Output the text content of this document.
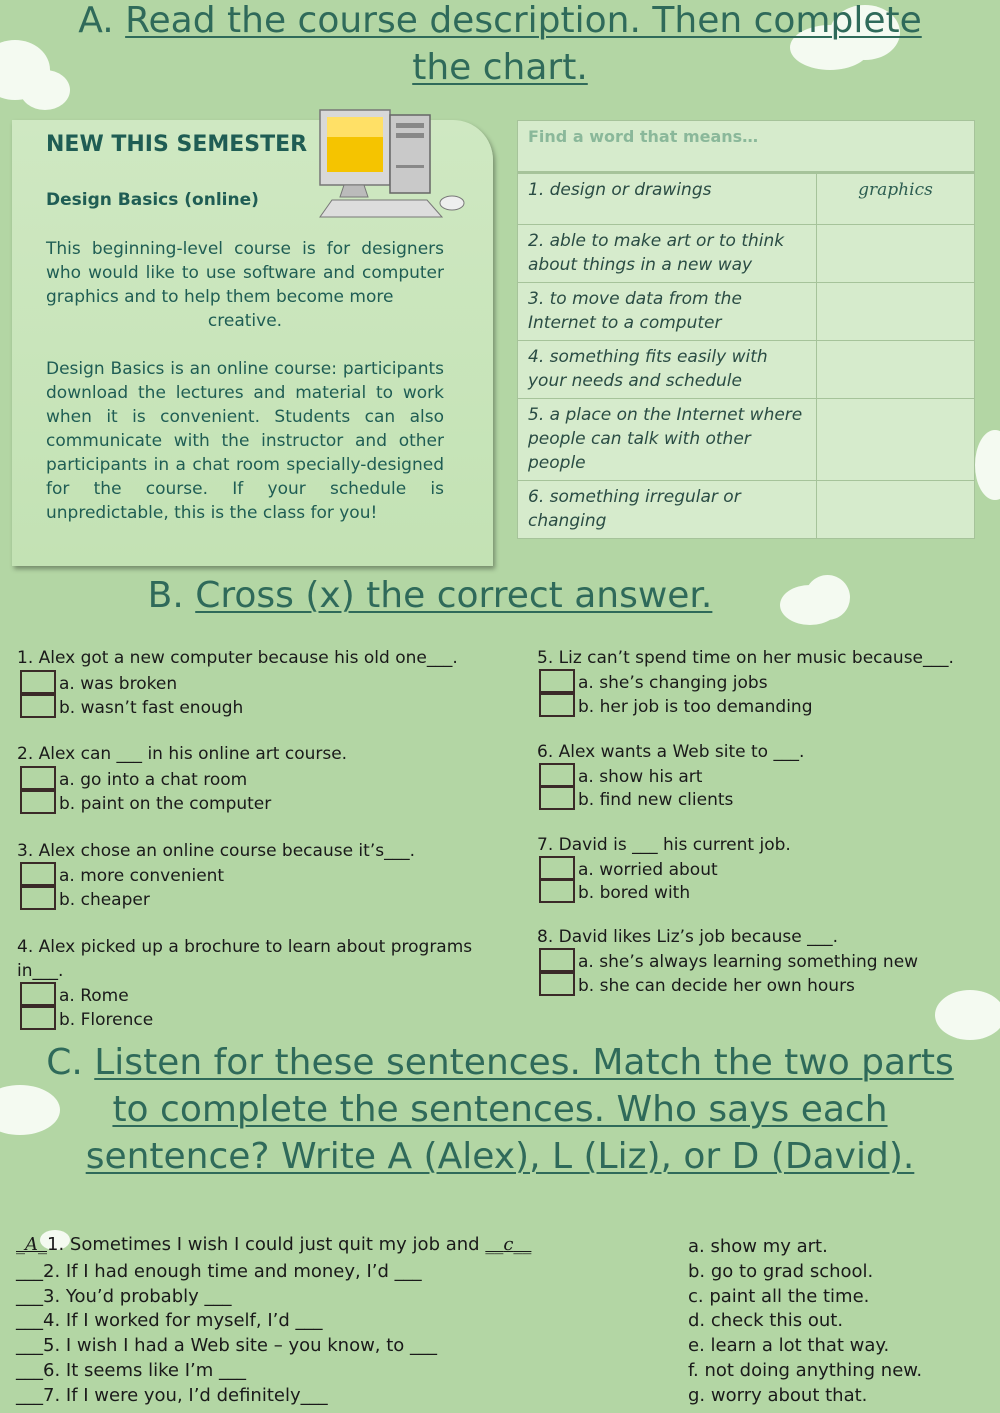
A. Read the course description. Then complete
the chart.
NEW THIS SEMESTER
Design Basics (online)
This beginning-level course is for designers who would like to use software and computer graphics and to help them become more
creative.
Design Basics is an online course: participants download the lectures and material to work when it is convenient. Students can also communicate with the instructor and other participants in a chat room specially-designed for the course. If your schedule is unpredictable, this is the class for you!
Find a word that means…	
1. design or drawings	graphics
2. able to make art or to think about things in a new way	
3. to move data from the Internet to a computer	
4. something fits easily with your needs and schedule	
5. a place on the Internet where people can talk with other people	
6. something irregular or changing	
B. Cross (x) the correct answer.
1. Alex got a new computer because his old one___.
a. was broken
b. wasn’t fast enough
2. Alex can ___ in his online art course.
a. go into a chat room
b. paint on the computer
3. Alex chose an online course because it’s___.
a. more convenient
b. cheaper
4. Alex picked up a brochure to learn about programs
in___.
a. Rome
b. Florence
5. Liz can’t spend time on her music because___.
a. she’s changing jobs
b. her job is too demanding
6. Alex wants a Web site to ___.
a. show his art
b. find new clients
7. David is ___ his current job.
a. worried about
b. bored with
8. David likes Liz’s job because ___.
a. she’s always learning something new
b. she can decide her own hours
C. Listen for these sentences. Match the two parts
to complete the sentences. Who says each
sentence? Write A (Alex), L (Liz), or D (David).
_A_1. Sometimes I wish I could just quit my job and __c__
___2. If I had enough time and money, I’d ___
___3. You’d probably ___
___4. If I worked for myself, I’d ___
___5. I wish I had a Web site – you know, to ___
___6. It seems like I’m ___
___7. If I were you, I’d definitely___
a. show my art.
b. go to grad school.
c. paint all the time.
d. check this out.
e. learn a lot that way.
f. not doing anything new.
g. worry about that.
